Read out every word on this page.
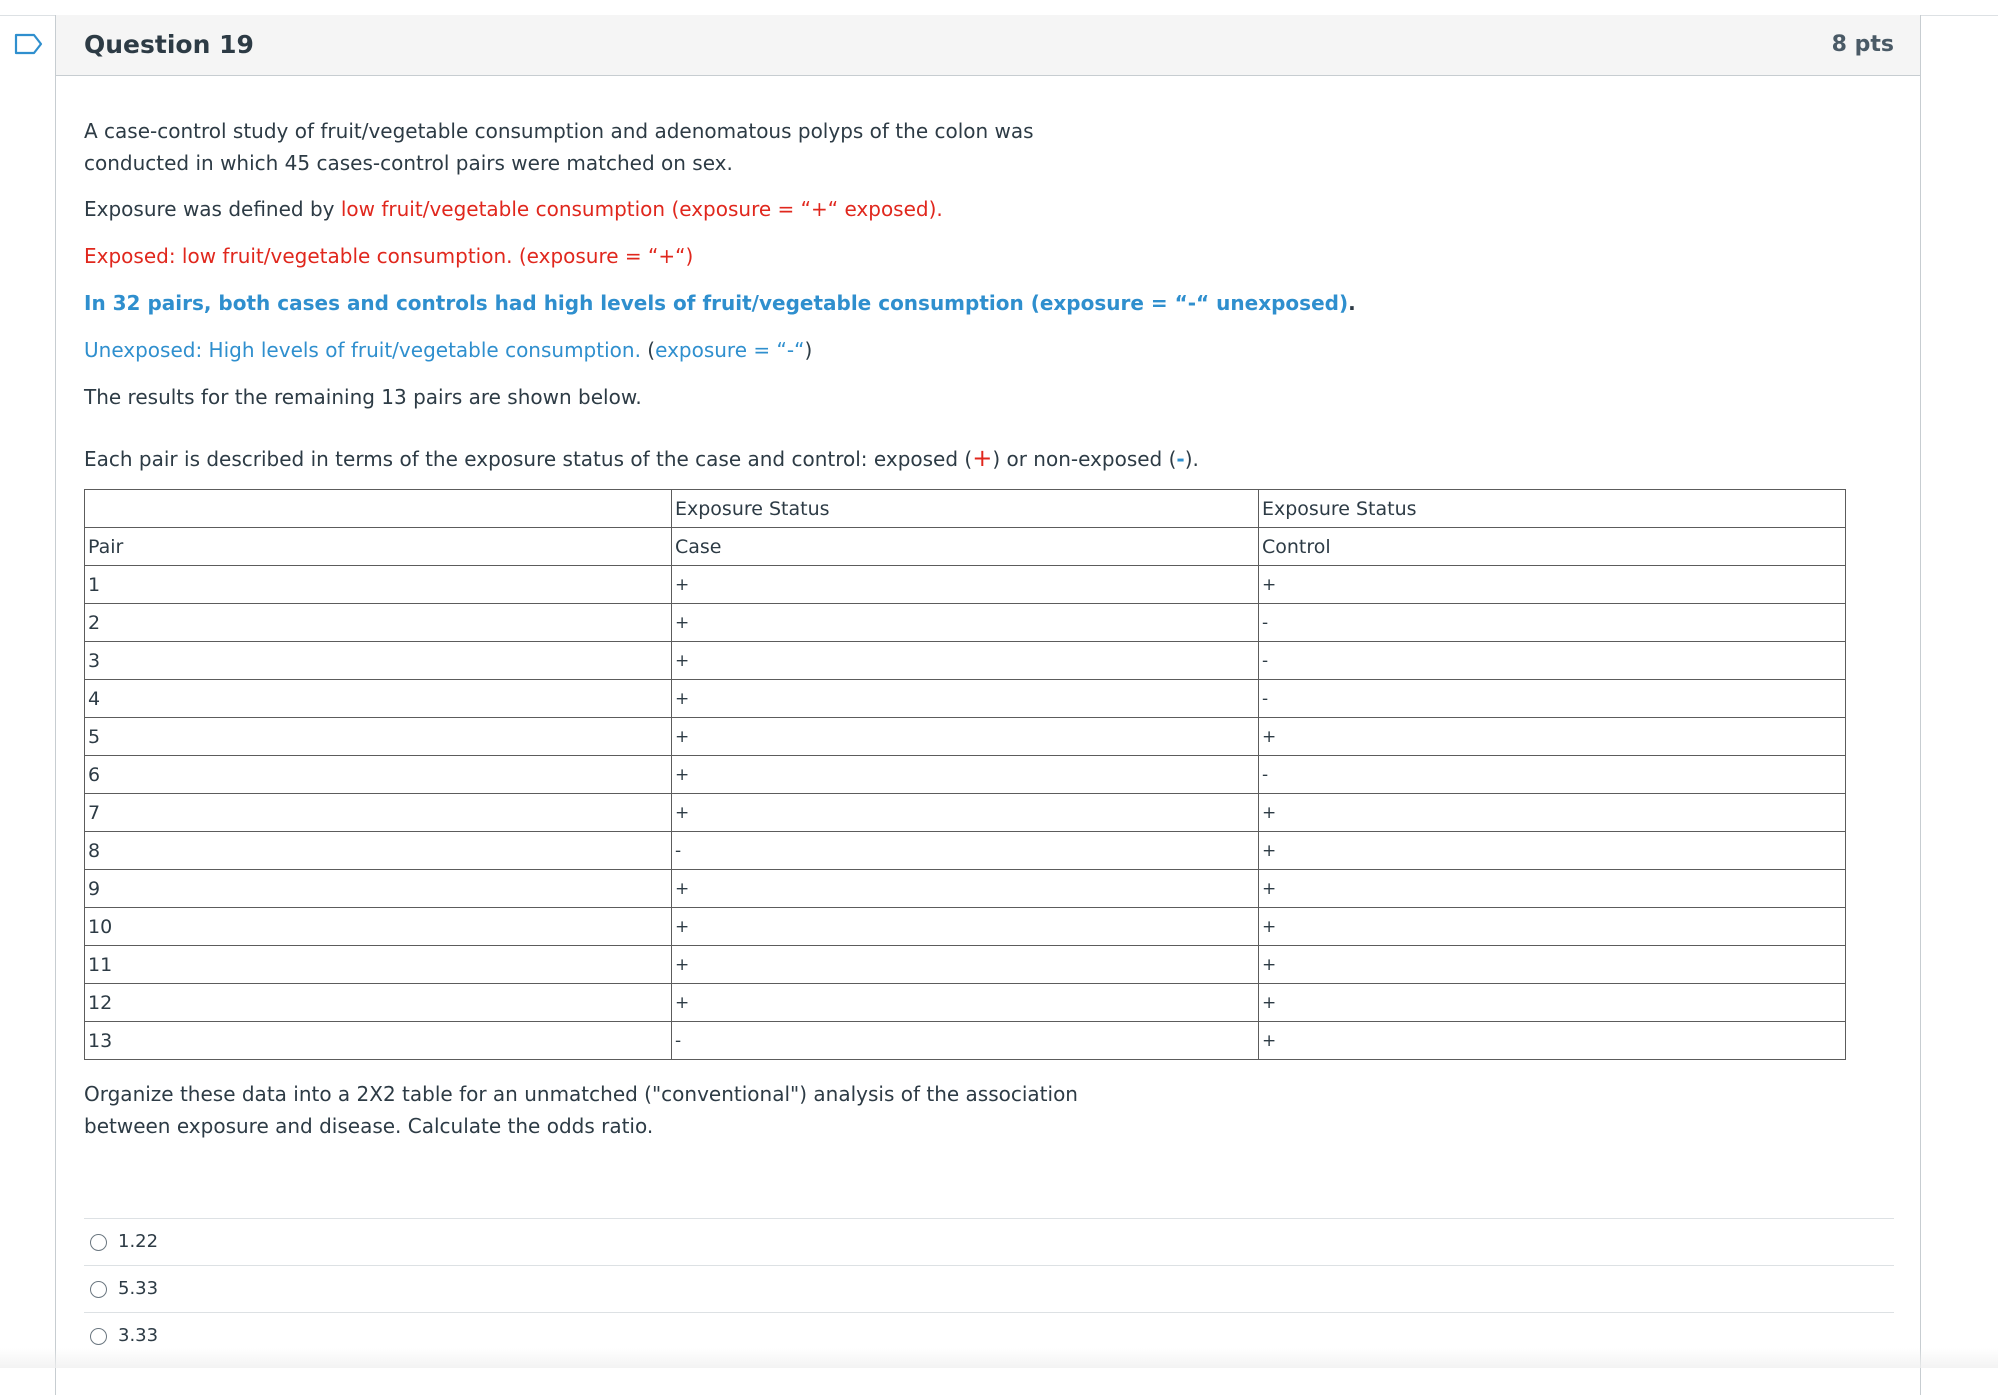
Question 19	8 pts

A case-control study of fruit/vegetable consumption and adenomatous polyps of the colon was conducted in which 45 cases-control pairs were matched on sex.

Exposure was defined by low fruit/vegetable consumption (exposure = “+“ exposed).

Exposed: low fruit/vegetable consumption. (exposure = “+“)

In 32 pairs, both cases and controls had high levels of fruit/vegetable consumption (exposure = “-“ unexposed).

Unexposed: High levels of fruit/vegetable consumption. (exposure = “-“)

The results for the remaining 13 pairs are shown below.

Each pair is described in terms of the exposure status of the case and control: exposed (+) or non-exposed (-).

	Exposure Status	Exposure Status
Pair	Case	Control
1	+	+
2	+	-
3	+	-
4	+	-
5	+	+
6	+	-
7	+	+
8	-	+
9	+	+
10	+	+
11	+	+
12	+	+
13	-	+

Organize these data into a 2X2 table for an unmatched ("conventional") analysis of the association between exposure and disease. Calculate the odds ratio.

1.22
5.33
3.33
